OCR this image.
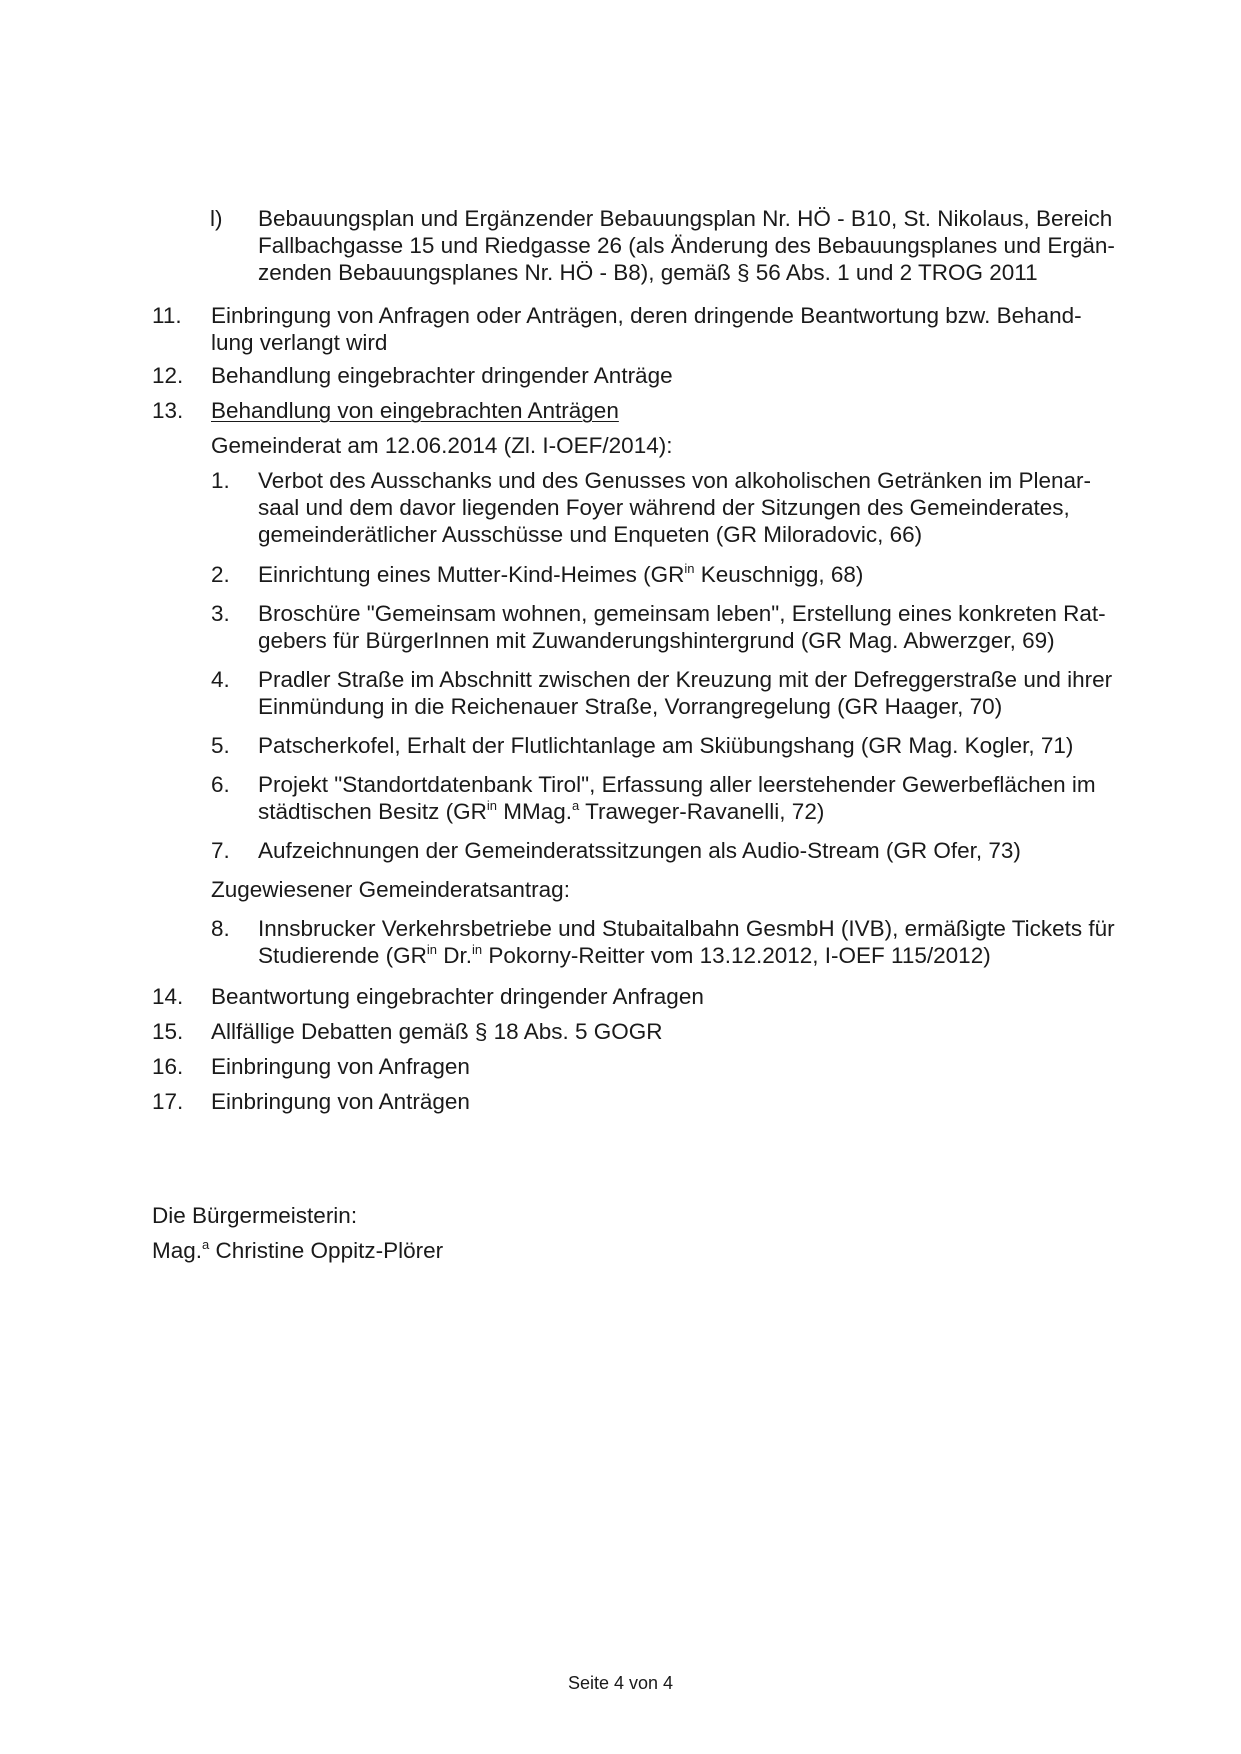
l) Bebauungsplan und Ergänzender Bebauungsplan Nr. HÖ - B10, St. Nikolaus, Bereich
Fallbachgasse 15 und Riedgasse 26 (als Änderung des Bebauungsplanes und Ergän-
zenden Bebauungsplanes Nr. HÖ - B8), gemäß § 56 Abs. 1 und 2 TROG 2011
11. Einbringung von Anfragen oder Anträgen, deren dringende Beantwortung bzw. Behand-
lung verlangt wird
12. Behandlung eingebrachter dringender Anträge
13. Behandlung von eingebrachten Anträgen
Gemeinderat am 12.06.2014 (Zl. I-OEF/2014):
1. Verbot des Ausschanks und des Genusses von alkoholischen Getränken im Plenar-
saal und dem davor liegenden Foyer während der Sitzungen des Gemeinderates,
gemeinderätlicher Ausschüsse und Enqueten (GR Miloradovic, 66)
2. Einrichtung eines Mutter-Kind-Heimes ($GR^{in}$ Keuschnigg, 68)
3. Broschüre "Gemeinsam wohnen, gemeinsam leben", Erstellung eines konkreten Rat-
gebers für BürgerInnen mit Zuwanderungshintergrund (GR Mag. Abwerzger, 69)
4. Pradler Straße im Abschnitt zwischen der Kreuzung mit der Defreggerstraße und ihrer
Einmündung in die Reichenauer Straße, Vorrangregelung (GR Haager, 70)
5. Patscherkofel, Erhalt der Flutlichtanlage am Skiübungshang (GR Mag. Kogler, 71)
6. Projekt "Standortdatenbank Tirol", Erfassung aller leerstehender Gewerbeflächen im
städtischen Besitz ($GR^{in}$ MMag.$^a$ Traweger-Ravanelli, 72)
7. Aufzeichnungen der Gemeinderatssitzungen als Audio-Stream (GR Ofer, 73)
Zugewiesener Gemeinderatsantrag:
8. Innsbrucker Verkehrsbetriebe und Stubaitalbahn GesmbH (IVB), ermäßigte Tickets für
Studierende ($GR^{in}$ Dr.$^{in}$ Pokorny-Reitter vom 13.12.2012, I-OEF 115/2012)
14. Beantwortung eingebrachter dringender Anfragen
15. Allfällige Debatten gemäß § 18 Abs. 5 GOGR
16. Einbringung von Anfragen
17. Einbringung von Anträgen
Die Bürgermeisterin:
Mag.$^a$ Christine Oppitz-Plörer
Seite 4 von 4
